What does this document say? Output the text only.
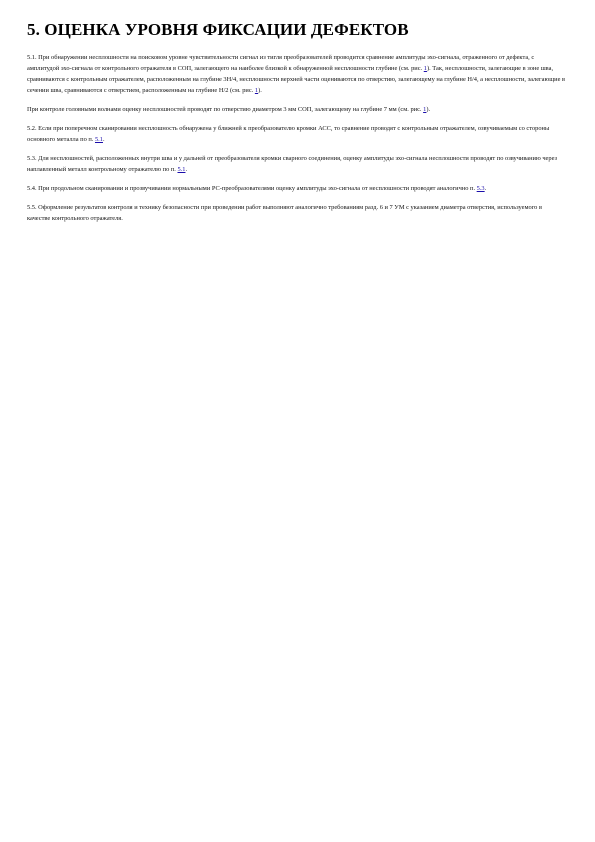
5. ОЦЕНКА УРОВНЯ ФИКСАЦИИ ДЕФЕКТОВ

5.1. При обнаружении несплошности на поисковом уровне чувствительности сигнал из тигля преобразователей проводится сравнение амплитуды эхо-сигнала, отраженного от дефекта, с амплитудой эхо-сигнала от контрольного отражателя в СОП, залегающего на наиболее близкой к обнаруженной несплошности глубине (см. рис. 1). Так, несплошности, залегающие в зоне шва, сравниваются с контрольным отражателем, расположенным на глубине 3Н/4, несплошности верхней части оцениваются по отверстию, залегающему на глубине Н/4, а несплошности, залегающие в сечении шва, сравниваются с отверстием, расположенным на глубине Н/2 (см. рис. 1).

При контроле головными волнами оценку несплошностей проводят по отверстию диаметром 3 мм СОП, залегающему на глубине 7 мм (см. рис. 1).

5.2. Если при поперечном сканировании несплошность обнаружена у ближней к преобразователю кромки АСС, то сравнение проводят с контрольным отражателем, озвучиваемым со стороны основного металла по п. 5.1.

5.3. Для несплошностей, расположенных внутри шва и у дальней от преобразователя кромки сварного соединения, оценку амплитуды эхо-сигнала несплошности проводят по озвучиванию через наплавленный металл контрольному отражателю по п. 5.1.

5.4. При продольном сканировании и прозвучивании нормальными РС-преобразователями оценку амплитуды эхо-сигнала от несплошности проводят аналогично п. 5.3.

5.5. Оформление результатов контроля и технику безопасности при проведении работ выполняют аналогично требованиям разд. 6 и 7 УМ с указанием диаметра отверстия, используемого в качестве контрольного отражателя.
